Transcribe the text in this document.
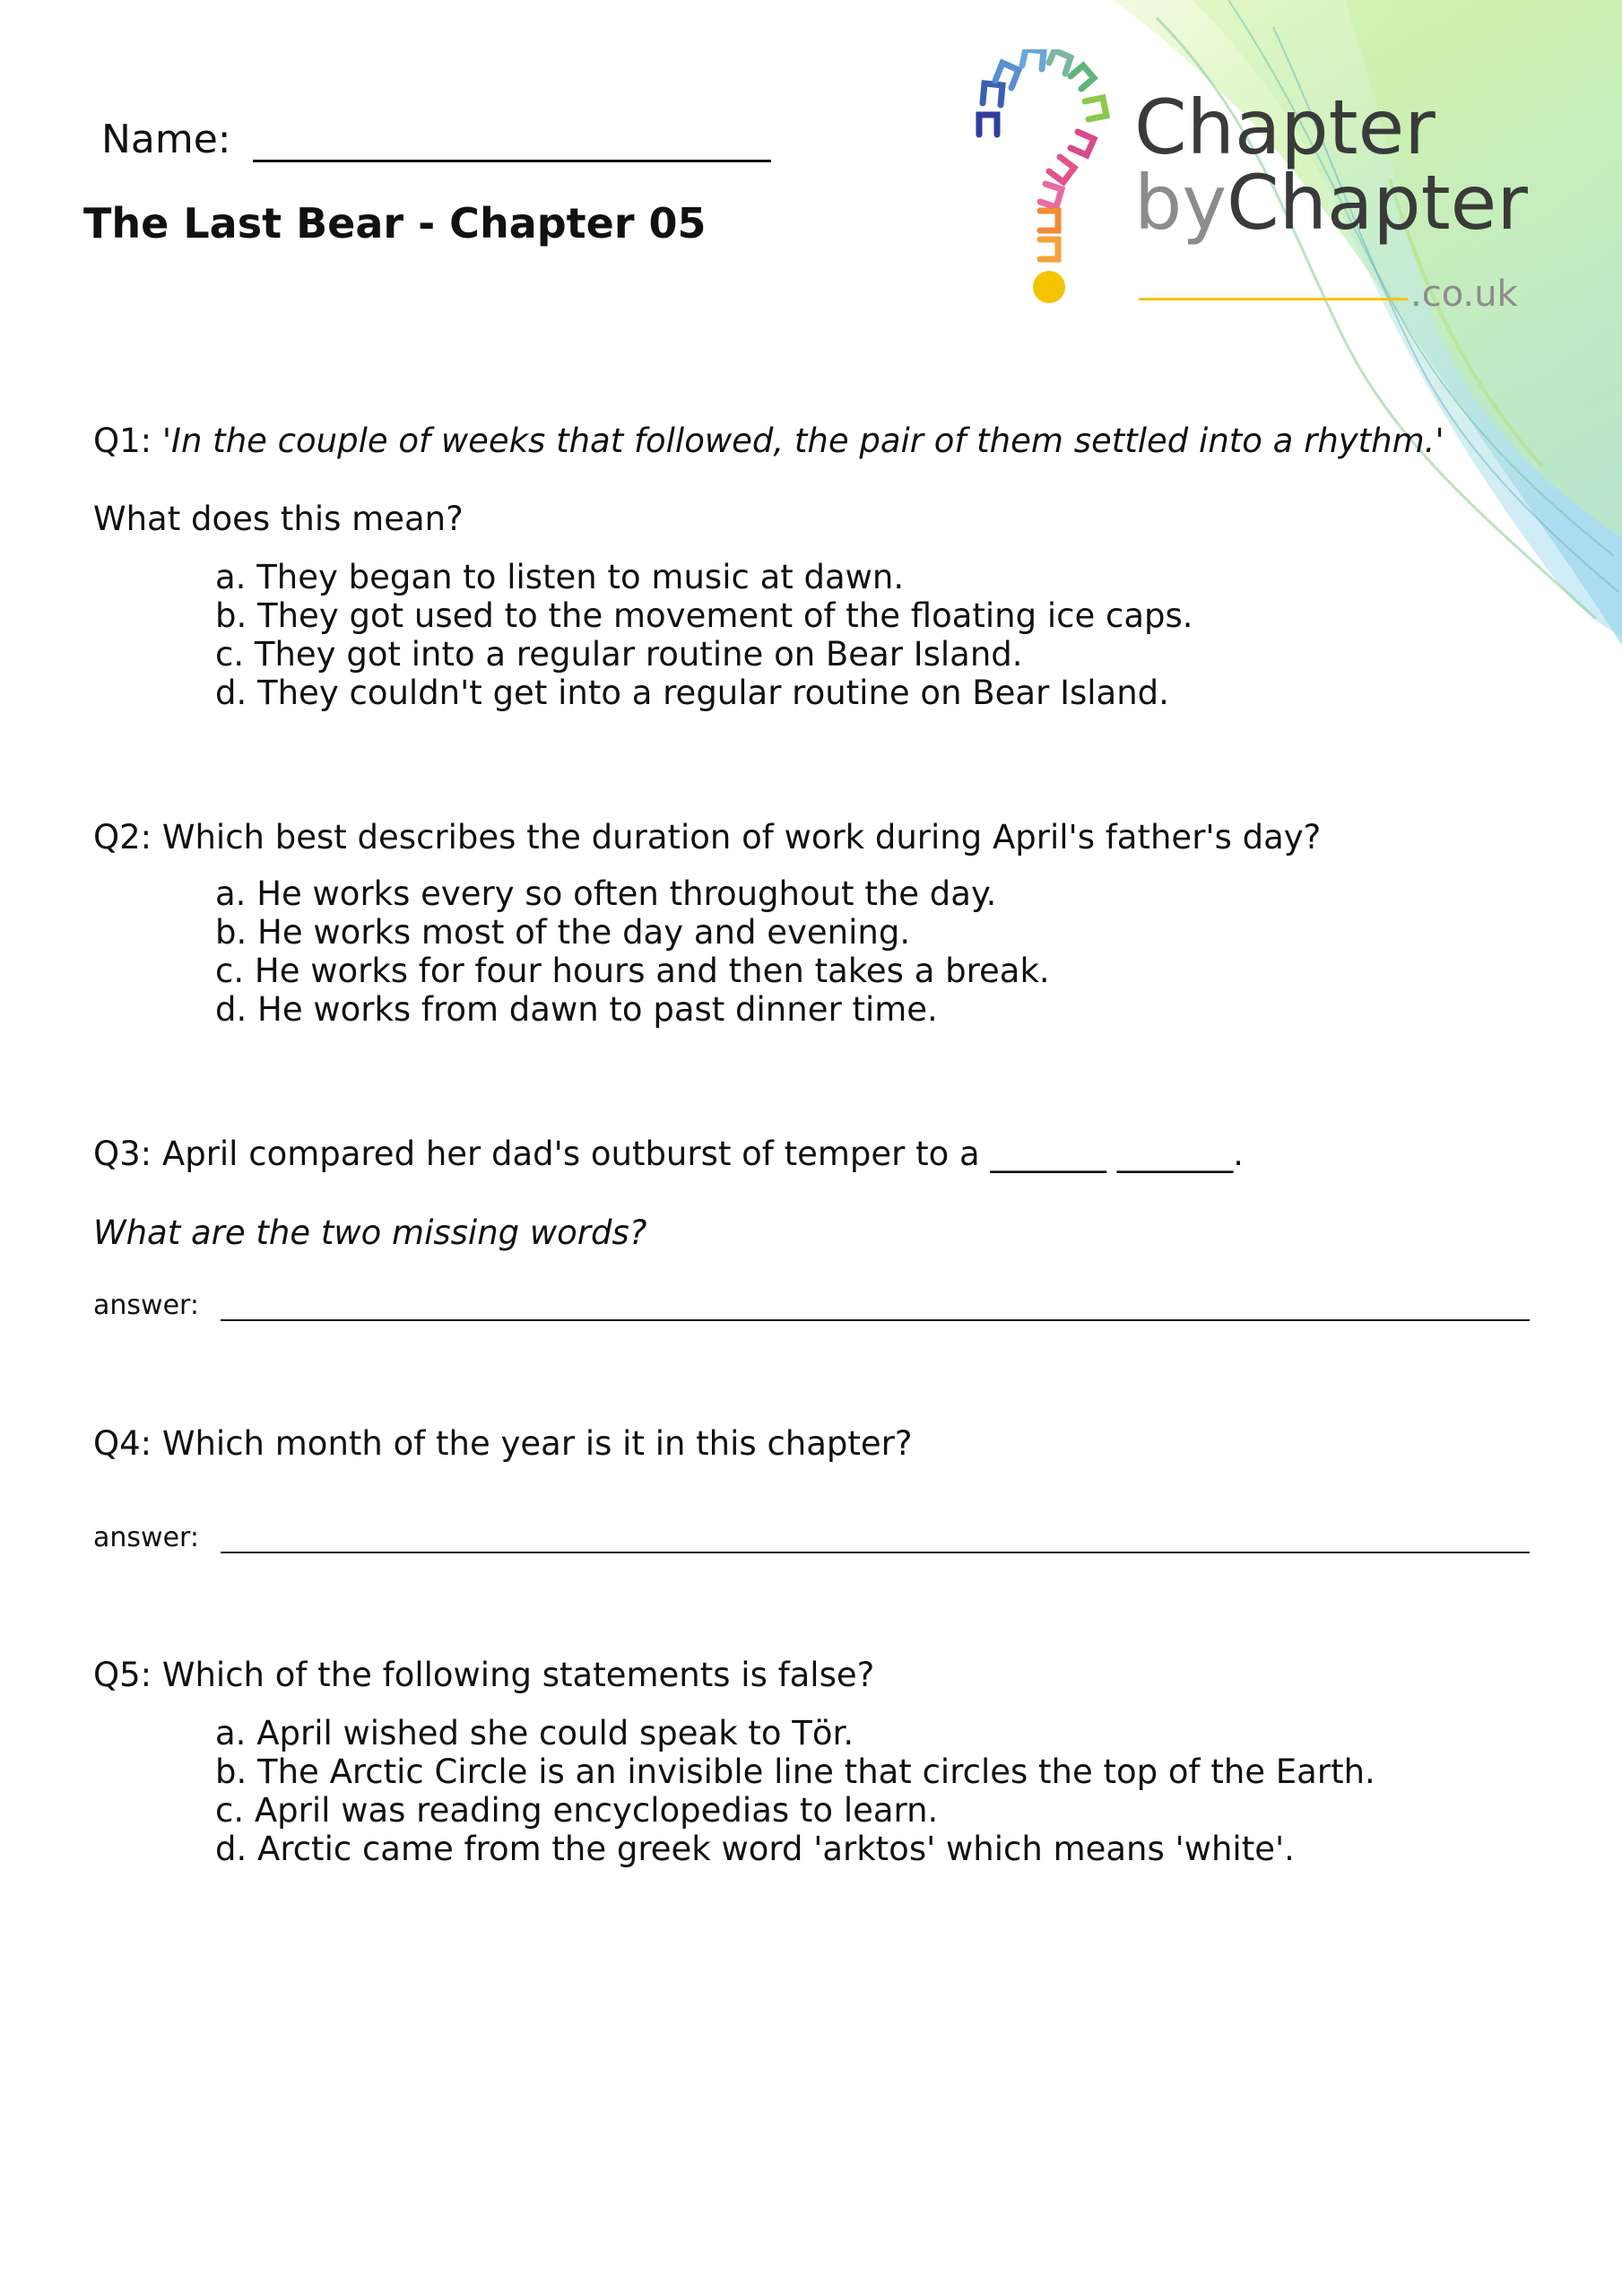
Chapter
byChapter
.co.uk
Name:
The Last Bear - Chapter 05
Q1: 'In the couple of weeks that followed, the pair of them settled into a rhythm.'
What does this mean?
a. They began to listen to music at dawn.
b. They got used to the movement of the floating ice caps.
c. They got into a regular routine on Bear Island.
d. They couldn't get into a regular routine on Bear Island.
Q2: Which best describes the duration of work during April's father's day?
a. He works every so often throughout the day.
b. He works most of the day and evening.
c. He works for four hours and then takes a break.
d. He works from dawn to past dinner time.
Q3: April compared her dad's outburst of temper to a _______ _______.
What are the two missing words?
answer:
Q4: Which month of the year is it in this chapter?
answer:
Q5: Which of the following statements is false?
a. April wished she could speak to Tӧr.
b. The Arctic Circle is an invisible line that circles the top of the Earth.
c. April was reading encyclopedias to learn.
d. Arctic came from the greek word 'arktos' which means 'white'.
